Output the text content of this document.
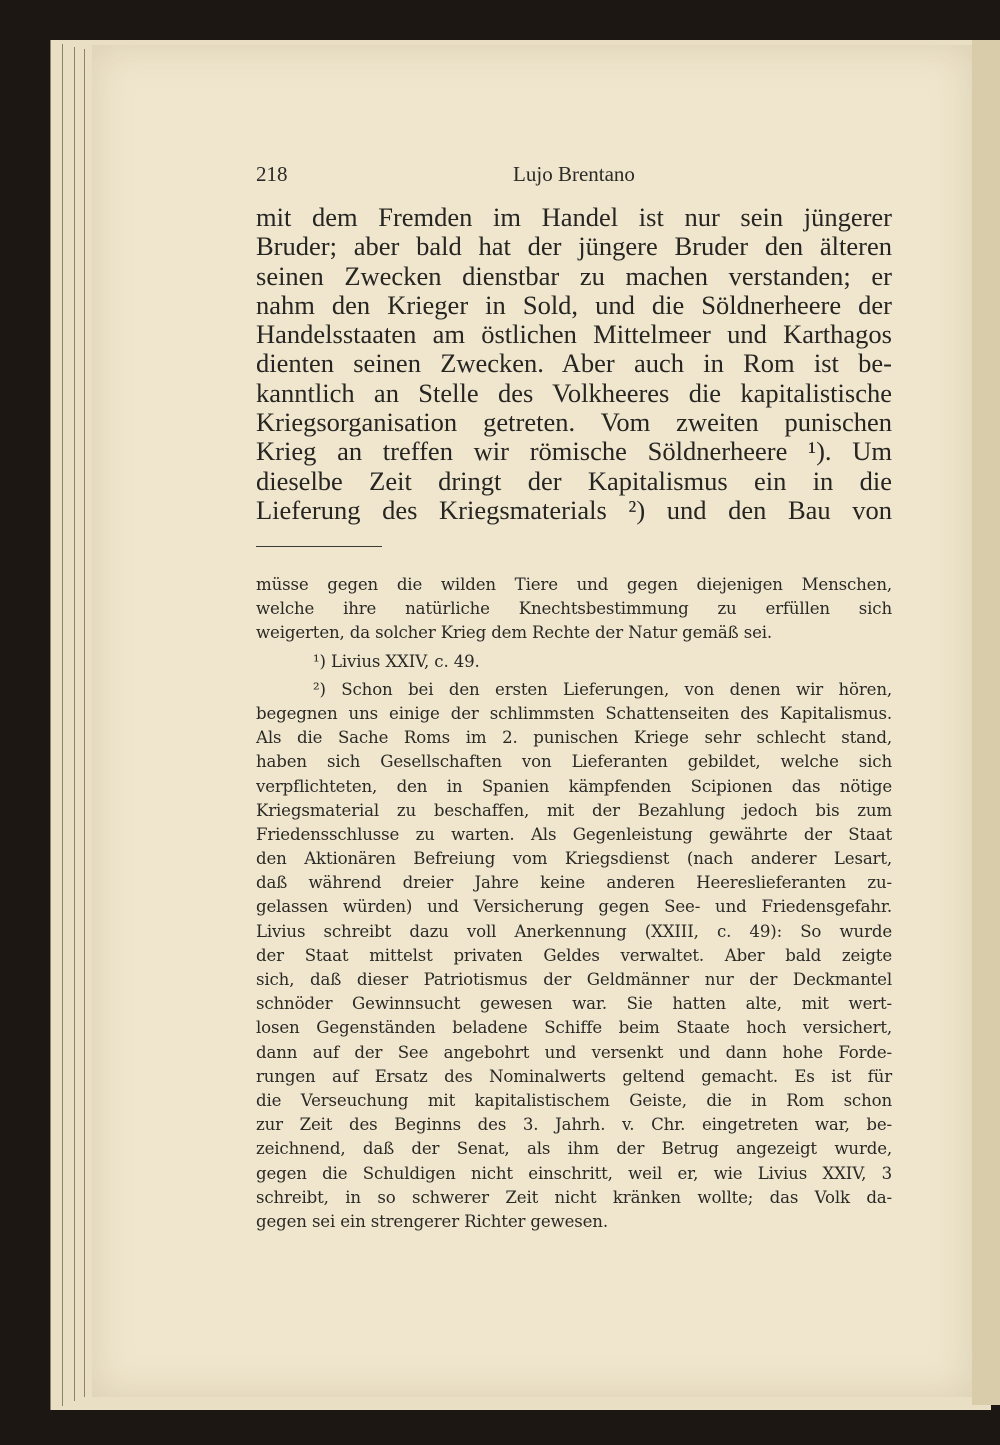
218	Lujo Brentano
mit dem Fremden im Handel ist nur sein jüngerer
Bruder; aber bald hat der jüngere Bruder den älteren
seinen Zwecken dienstbar zu machen verstanden; er
nahm den Krieger in Sold, und die Söldnerheere der
Handelsstaaten am östlichen Mittelmeer und Karthagos
dienten seinen Zwecken. Aber auch in Rom ist be-
kanntlich an Stelle des Volkheeres die kapitalistische
Kriegsorganisation getreten. Vom zweiten punischen
Krieg an treffen wir römische Söldnerheere ¹). Um
dieselbe Zeit dringt der Kapitalismus ein in die
Lieferung des Kriegsmaterials ²) und den Bau von
müsse gegen die wilden Tiere und gegen diejenigen Menschen,
welche ihre natürliche Knechtsbestimmung zu erfüllen sich
weigerten, da solcher Krieg dem Rechte der Natur gemäß sei.
¹) Livius XXIV, c. 49.
²) Schon bei den ersten Lieferungen, von denen wir hören,
begegnen uns einige der schlimmsten Schattenseiten des Kapitalismus.
Als die Sache Roms im 2. punischen Kriege sehr schlecht stand,
haben sich Gesellschaften von Lieferanten gebildet, welche sich
verpflichteten, den in Spanien kämpfenden Scipionen das nötige
Kriegsmaterial zu beschaffen, mit der Bezahlung jedoch bis zum
Friedensschlusse zu warten. Als Gegenleistung gewährte der Staat
den Aktionären Befreiung vom Kriegsdienst (nach anderer Lesart,
daß während dreier Jahre keine anderen Heereslieferanten zu-
gelassen würden) und Versicherung gegen See- und Friedensgefahr.
Livius schreibt dazu voll Anerkennung (XXIII, c. 49): So wurde
der Staat mittelst privaten Geldes verwaltet. Aber bald zeigte
sich, daß dieser Patriotismus der Geldmänner nur der Deckmantel
schnöder Gewinnsucht gewesen war. Sie hatten alte, mit wert-
losen Gegenständen beladene Schiffe beim Staate hoch versichert,
dann auf der See angebohrt und versenkt und dann hohe Forde-
rungen auf Ersatz des Nominalwerts geltend gemacht. Es ist für
die Verseuchung mit kapitalistischem Geiste, die in Rom schon
zur Zeit des Beginns des 3. Jahrh. v. Chr. eingetreten war, be-
zeichnend, daß der Senat, als ihm der Betrug angezeigt wurde,
gegen die Schuldigen nicht einschritt, weil er, wie Livius XXIV, 3
schreibt, in so schwerer Zeit nicht kränken wollte; das Volk da-
gegen sei ein strengerer Richter gewesen.
